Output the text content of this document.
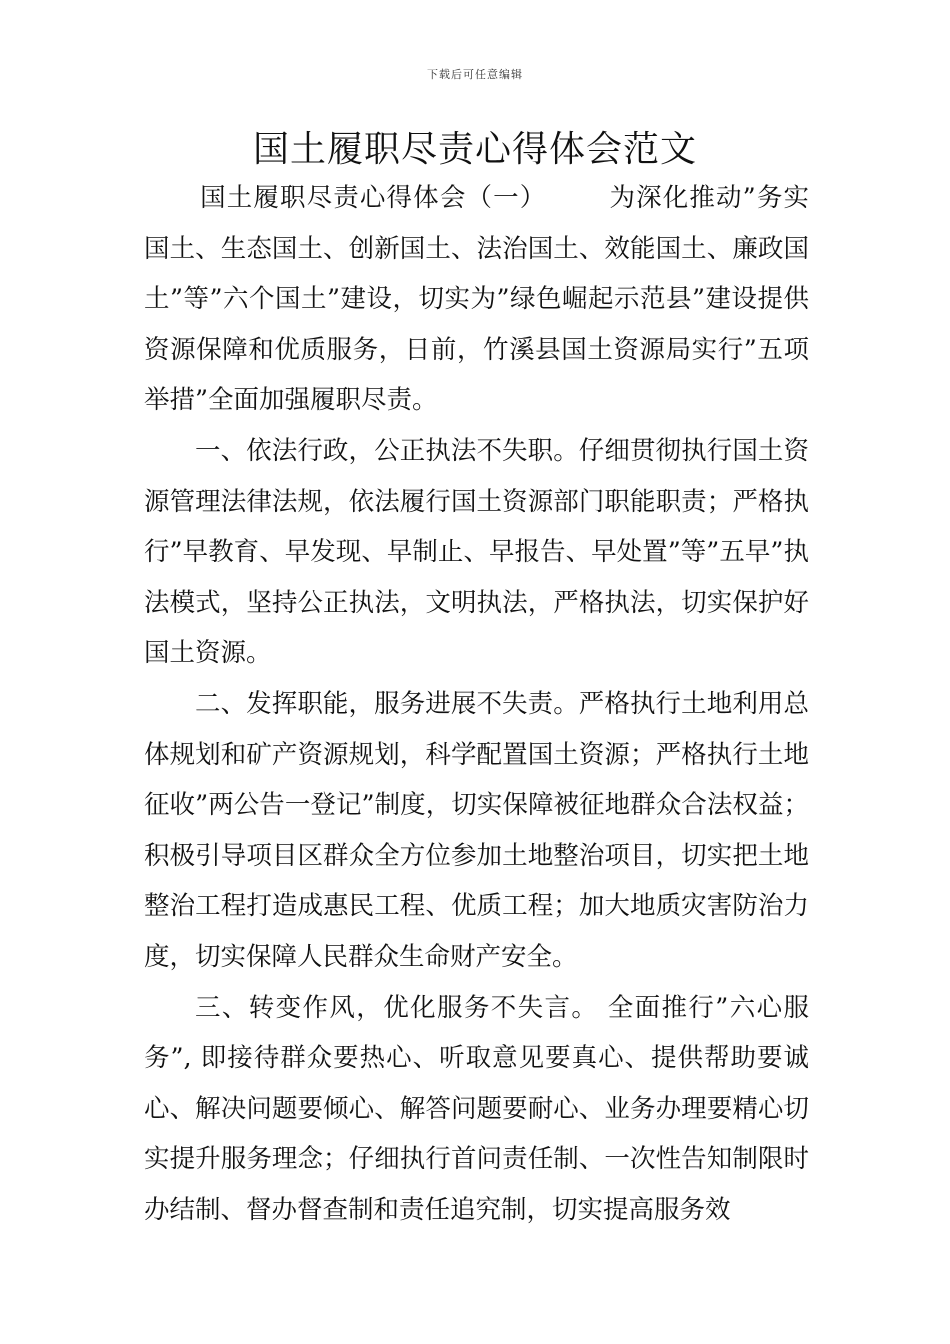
下载后可任意编辑
国土履职尽责心得体会范文

国土履职尽责心得体会（一） 为深化推动”务实国土、生态国土、创新国土、法治国土、效能国土、廉政国土”等”六个国土”建设，切实为”绿色崛起示范县”建设提供资源保障和优质服务，日前，竹溪县国土资源局实行”五项举措”全面加强履职尽责。

一、依法行政，公正执法不失职。仔细贯彻执行国土资源管理法律法规，依法履行国土资源部门职能职责；严格执行”早教育、早发现、早制止、早报告、早处置”等”五早”执法模式，坚持公正执法，文明执法，严格执法，切实保护好国土资源。

二、发挥职能，服务进展不失责。严格执行土地利用总体规划和矿产资源规划，科学配置国土资源；严格执行土地征收”两公告一登记”制度，切实保障被征地群众合法权益；积极引导项目区群众全方位参加土地整治项目，切实把土地整治工程打造成惠民工程、优质工程；加大地质灾害防治力度，切实保障人民群众生命财产安全。

三、转变作风，优化服务不失言。 全面推行”六心服务”, 即接待群众要热心、听取意见要真心、提供帮助要诚心、解决问题要倾心、解答问题要耐心、业务办理要精心切实提升服务理念；仔细执行首问责任制、一次性告知制限时办结制、督办督查制和责任追究制，切实提高服务效
